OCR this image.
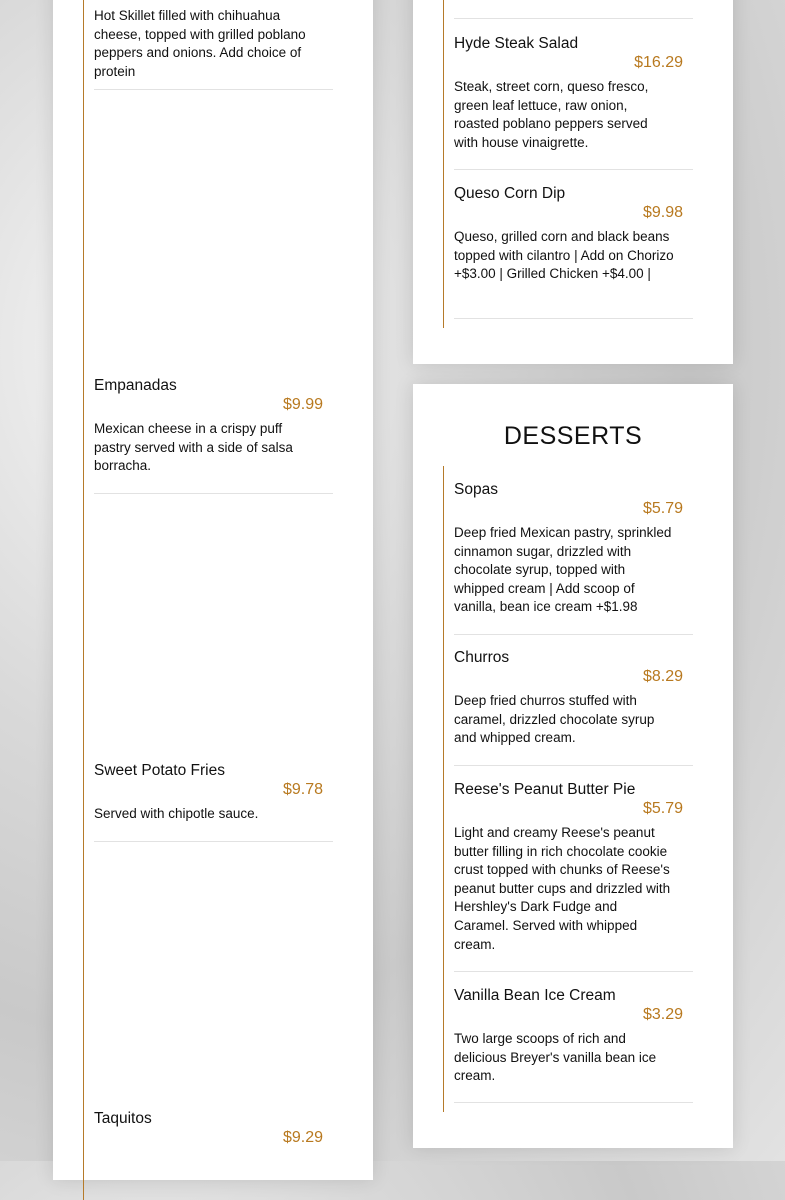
Hot Skillet filled with chihuahua cheese, topped with grilled poblano peppers and onions. Add choice of protein
Empanadas
$9.99
Mexican cheese in a crispy puff pastry served with a side of salsa borracha.
Sweet Potato Fries
$9.78
Served with chipotle sauce.
Taquitos
$9.29
Hyde Steak Salad
$16.29
Steak, street corn, queso fresco, green leaf lettuce, raw onion, roasted poblano peppers served with house vinaigrette.
Queso Corn Dip
$9.98
Queso, grilled corn and black beans topped with cilantro | Add on Chorizo +$3.00 | Grilled Chicken +$4.00 |
DESSERTS
Sopas
$5.79
Deep fried Mexican pastry, sprinkled cinnamon sugar, drizzled with chocolate syrup, topped with whipped cream | Add scoop of vanilla, bean ice cream +$1.98
Churros
$8.29
Deep fried churros stuffed with caramel, drizzled chocolate syrup and whipped cream.
Reese's Peanut Butter Pie
$5.79
Light and creamy Reese's peanut butter filling in rich chocolate cookie crust topped with chunks of Reese's peanut butter cups and drizzled with Hershley's Dark Fudge and Caramel. Served with whipped cream.
Vanilla Bean Ice Cream
$3.29
Two large scoops of rich and delicious Breyer's vanilla bean ice cream.
